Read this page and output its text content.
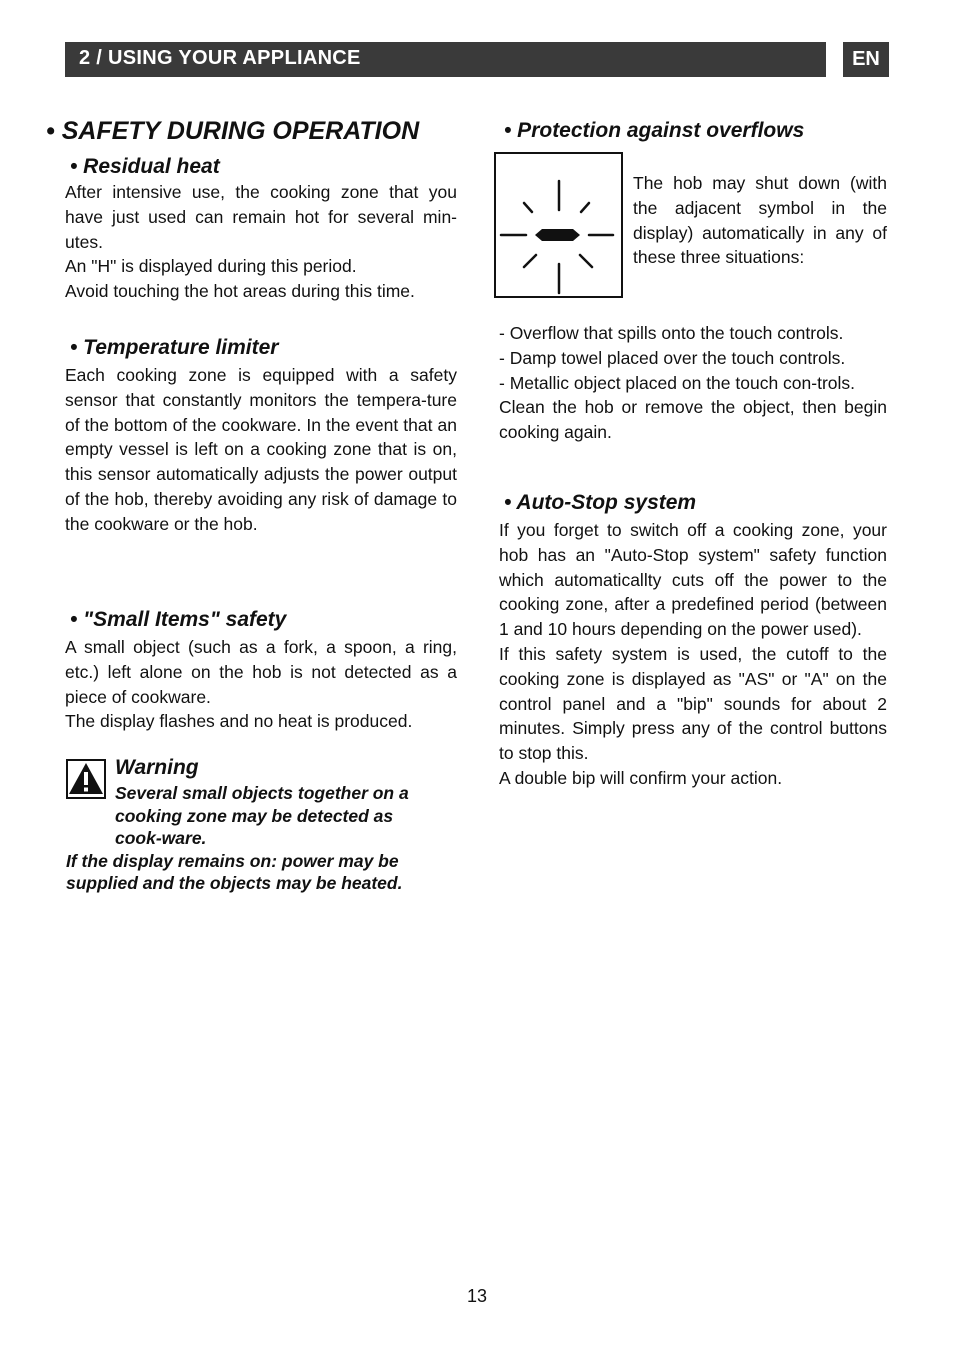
2 / USING YOUR APPLIANCE	EN
• SAFETY DURING OPERATION
• Residual heat

After intensive use, the cooking zone that you have just used can remain hot for several min-utes.

An "H" is displayed during this period.

Avoid touching the hot areas during this time.

• Temperature limiter
Each cooking zone is equipped with a safety sensor that constantly monitors the tempera-ture of the bottom of the cookware. In the event that an empty vessel is left on a cooking zone that is on, this sensor automatically adjusts the power output of the hob, thereby avoiding any risk of damage to the cookware or the hob.
• "Small Items" safety

A small object (such as a fork, a spoon, a ring, etc.) left alone on the hob is not detected as a piece of cookware.

The display flashes and no heat is produced.

Warning
Several small objects together on a cooking zone may be detected as cook-ware.
If the display remains on: power may be supplied and the objects may be heated.
• Protection against overflows
The hob may shut down (with the adjacent symbol in the display) automatically in any of these three situations:
- Overflow that spills onto the touch controls.
- Damp towel placed over the touch controls.
- Metallic object placed on the touch con-trols.
Clean the hob or remove the object, then begin cooking again.
• Auto-Stop system

If you forget to switch off a cooking zone, your hob has an "Auto-Stop system" safety function which automaticallty cuts off the power to the cooking zone, after a predefined period (between 1 and 10 hours depending on the power used).

If this safety system is used, the cutoff to the cooking zone is displayed as "AS" or "A" on the control panel and a "bip" sounds for about 2 minutes. Simply press any of the control buttons to stop this.

A double bip will confirm your action.

13
